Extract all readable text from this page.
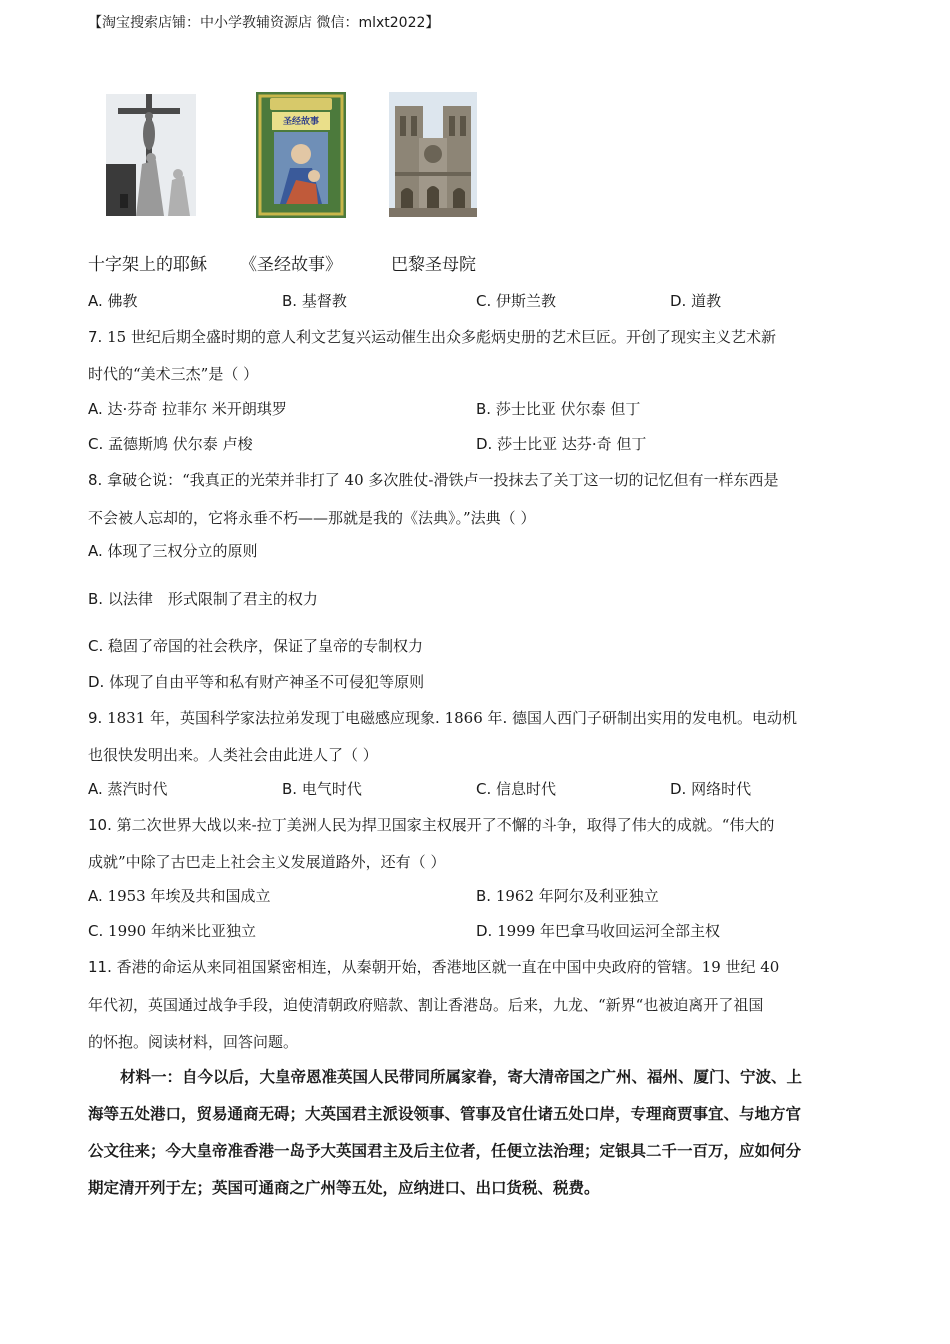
【淘宝搜索店铺：中小学教辅资源店 微信：mlxt2022】
圣经故事
十字架上的耶稣 《圣经故事》	巴黎圣母院
A. 佛教	B. 基督教	C. 伊斯兰教	D. 道教
7. 15 世纪后期全盛时期的意人利文艺复兴运动催生出众多彪炳史册的艺术巨匠。开创了现实主义艺术新
时代的“美术三杰”是（ ）
A. 达·芬奇 拉菲尔 米开朗琪罗	B. 莎士比亚 伏尔泰 但丁
C. 孟德斯鸠 伏尔泰 卢梭	D. 莎士比亚 达芬·奇 但丁
8. 拿破仑说：“我真正的光荣并非打了 40 多次胜仗-滑铁卢一投抹去了关丁这一切的记忆但有一样东西是
不会被人忘却的，它将永垂不朽——那就是我的《法典》。”法典（ ）
A. 体现了三权分立的原则
B. 以法律　形式限制了君主的权力
C. 稳固了帝国的社会秩序，保证了皇帝的专制权力
D. 体现了自由平等和私有财产神圣不可侵犯等原则
9. 1831 年，英国科学家法拉弟发现丁电磁感应现象. 1866 年. 德国人西门子研制出实用的发电机。电动机
也很快发明出来。人类社会由此进人了（ ）
A. 蒸汽时代	B. 电气时代	C. 信息时代	D. 网络时代
10. 第二次世界大战以来-拉丁美洲人民为捍卫国家主权展开了不懈的斗争，取得了伟大的成就。“伟大的
成就”中除了古巴走上社会主义发展道路外，还有（ ）
A. 1953 年埃及共和国成立	B. 1962 年阿尔及利亚独立
C. 1990 年纳米比亚独立	D. 1999 年巴拿马收回运河全部主权
11. 香港的命运从来同祖国紧密相连，从秦朝开始，香港地区就一直在中国中央政府的管辖。19 世纪 40
年代初，英国通过战争手段，迫使清朝政府赔款、割让香港岛。后来，九龙、“新界“也被迫离开了祖国
的怀抱。阅读材料，回答问题。
材料一：自今以后，大皇帝恩准英国人民带同所属家眷，寄大清帝国之广州、福州、厦门、宁波、上
海等五处港口，贸易通商无碍；大英国君主派设领事、管事及官仕诸五处口岸，专理商贾事宜、与地方官
公文往来；今大皇帝准香港一岛予大英国君主及后主位者，任便立法治理；定银具二千一百万，应如何分
期定清开列于左；英国可通商之广州等五处，应纳进口、出口货税、税费。
